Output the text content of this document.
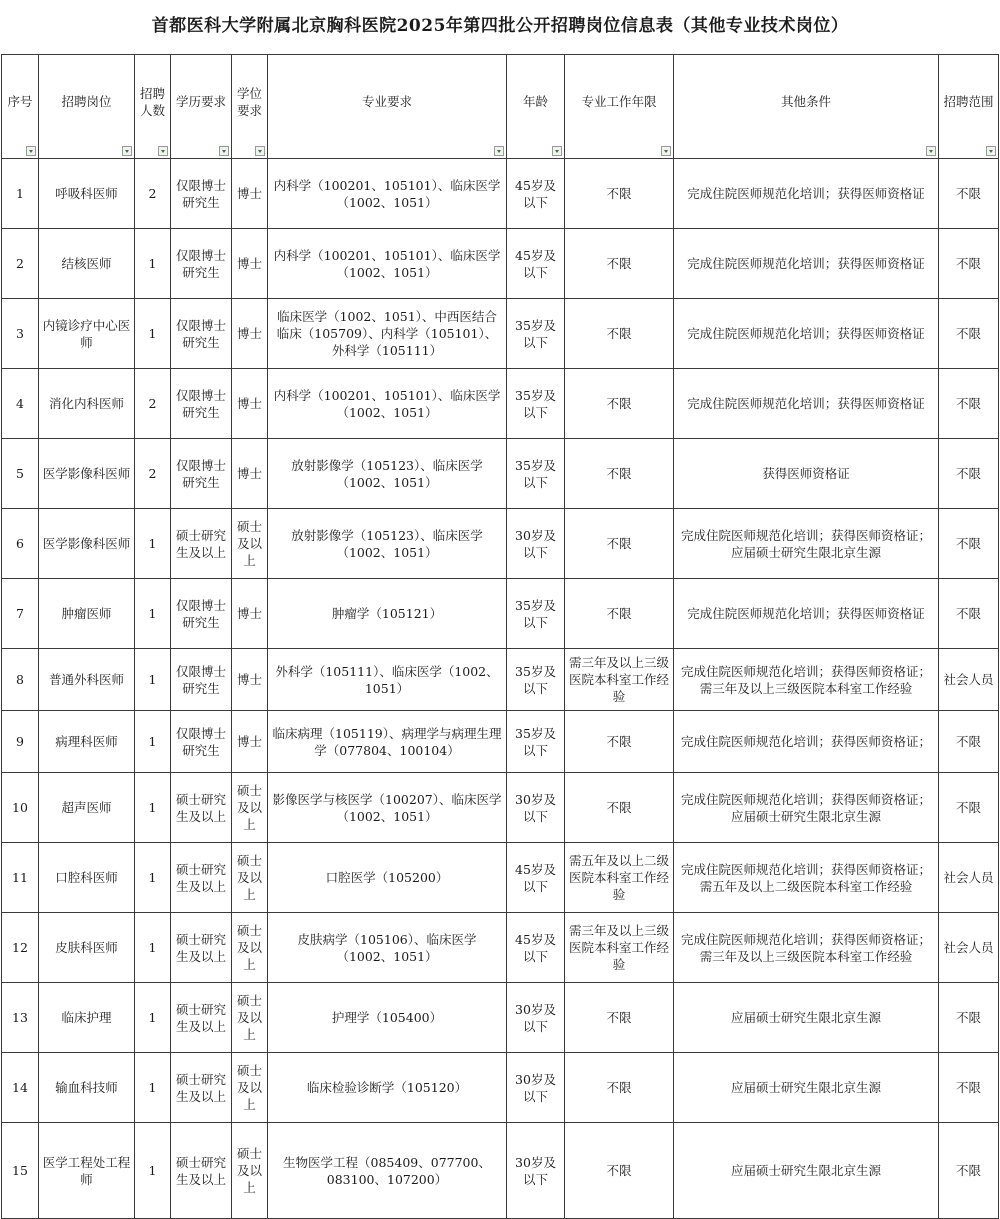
首都医科大学附属北京胸科医院2025年第四批公开招聘岗位信息表（其他专业技术岗位）
序号	招聘岗位	招聘人数	学历要求	学位要求	专业要求	年龄	专业工作年限	其他条件	招聘范围

1	呼吸科医师	2	仅限博士研究生	博士	内科学（100201、105101）、临床医学（1002、1051）	45岁及以下	不限	完成住院医师规范化培训；获得医师资格证	不限
2	结核医师	1	仅限博士研究生	博士	内科学（100201、105101）、临床医学（1002、1051）	45岁及以下	不限	完成住院医师规范化培训；获得医师资格证	不限
3	内镜诊疗中心医师	1	仅限博士研究生	博士	临床医学（1002、1051）、中西医结合临床（105709）、内科学（105101）、外科学（105111）	35岁及以下	不限	完成住院医师规范化培训；获得医师资格证	不限
4	消化内科医师	2	仅限博士研究生	博士	内科学（100201、105101）、临床医学（1002、1051）	35岁及以下	不限	完成住院医师规范化培训；获得医师资格证	不限
5	医学影像科医师	2	仅限博士研究生	博士	放射影像学（105123）、临床医学（1002、1051）	35岁及以下	不限	获得医师资格证	不限
6	医学影像科医师	1	硕士研究生及以上	硕士及以上	放射影像学（105123）、临床医学（1002、1051）	30岁及以下	不限	完成住院医师规范化培训；获得医师资格证；应届硕士研究生限北京生源	不限
7	肿瘤医师	1	仅限博士研究生	博士	肿瘤学（105121）	35岁及以下	不限	完成住院医师规范化培训；获得医师资格证	不限
8	普通外科医师	1	仅限博士研究生	博士	外科学（105111）、临床医学（1002、1051）	35岁及以下	需三年及以上三级医院本科室工作经验	完成住院医师规范化培训；获得医师资格证；需三年及以上三级医院本科室工作经验	社会人员
9	病理科医师	1	仅限博士研究生	博士	临床病理（105119）、病理学与病理生理学（077804、100104）	35岁及以下	不限	完成住院医师规范化培训；获得医师资格证；	不限
10	超声医师	1	硕士研究生及以上	硕士及以上	影像医学与核医学（100207）、临床医学（1002、1051）	30岁及以下	不限	完成住院医师规范化培训；获得医师资格证；应届硕士研究生限北京生源	不限
11	口腔科医师	1	硕士研究生及以上	硕士及以上	口腔医学（105200）	45岁及以下	需五年及以上二级医院本科室工作经验	完成住院医师规范化培训；获得医师资格证；需五年及以上二级医院本科室工作经验	社会人员
12	皮肤科医师	1	硕士研究生及以上	硕士及以上	皮肤病学（105106）、临床医学（1002、1051）	45岁及以下	需三年及以上三级医院本科室工作经验	完成住院医师规范化培训；获得医师资格证；需三年及以上三级医院本科室工作经验	社会人员
13	临床护理	1	硕士研究生及以上	硕士及以上	护理学（105400）	30岁及以下	不限	应届硕士研究生限北京生源	不限
14	输血科技师	1	硕士研究生及以上	硕士及以上	临床检验诊断学（105120）	30岁及以下	不限	应届硕士研究生限北京生源	不限
15	医学工程处工程师	1	硕士研究生及以上	硕士及以上	生物医学工程（085409、077700、083100、107200）	30岁及以下	不限	应届硕士研究生限北京生源	不限
